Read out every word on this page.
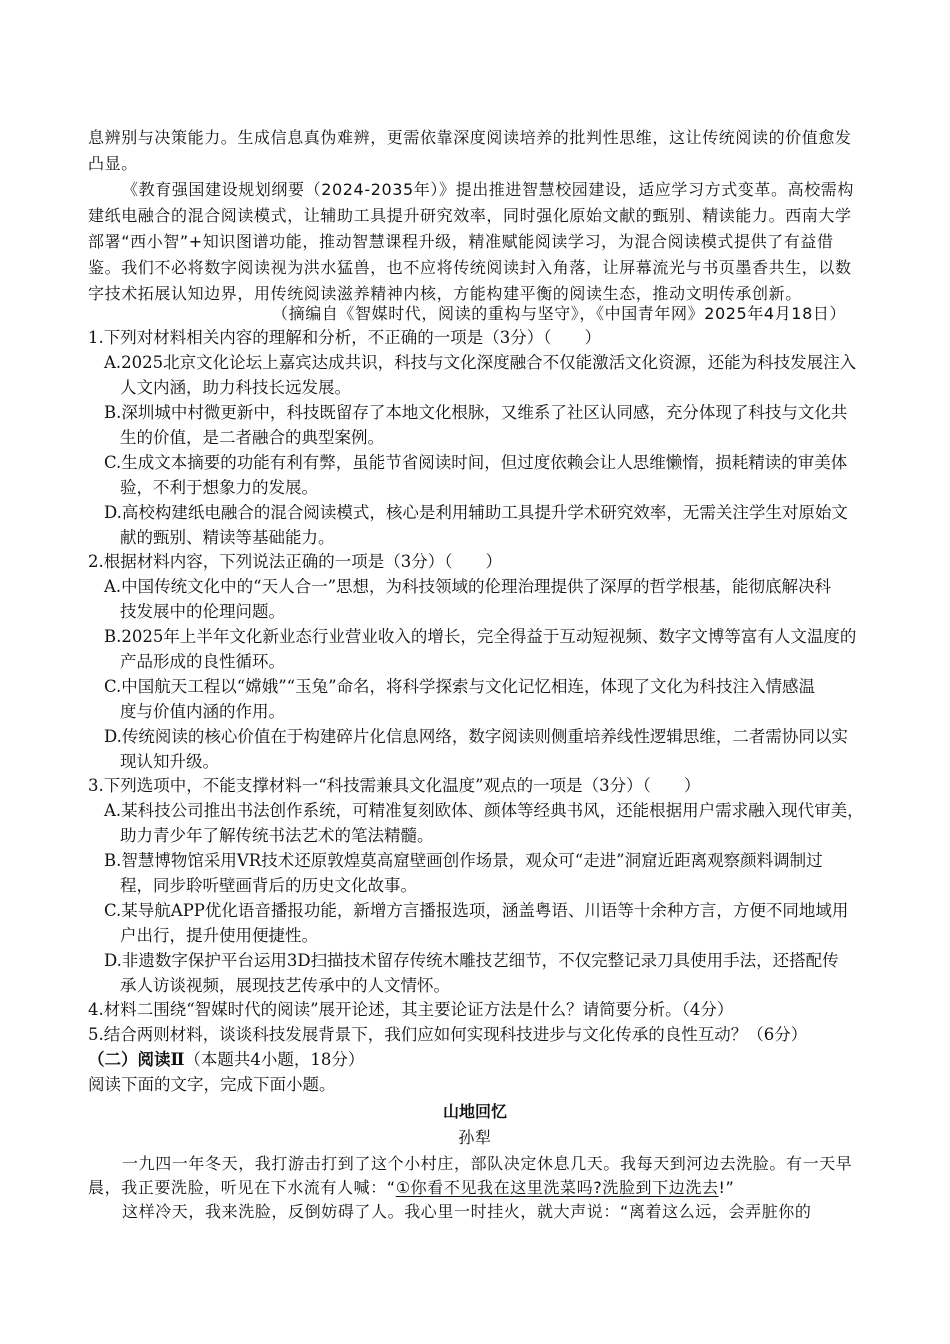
息辨别与决策能力。生成信息真伪难辨，更需依靠深度阅读培养的批判性思维，这让传统阅读的价值愈发
凸显。
《教育强国建设规划纲要（2024-2035年）》提出推进智慧校园建设，适应学习方式变革。高校需构
建纸电融合的混合阅读模式，让辅助工具提升研究效率，同时强化原始文献的甄别、精读能力。西南大学
部署“西小智”+知识图谱功能，推动智慧课程升级，精准赋能阅读学习，为混合阅读模式提供了有益借
鉴。我们不必将数字阅读视为洪水猛兽，也不应将传统阅读封入角落，让屏幕流光与书页墨香共生，以数
字技术拓展认知边界，用传统阅读滋养精神内核，方能构建平衡的阅读生态，推动文明传承创新。
（摘编自《智媒时代，阅读的重构与坚守》，《中国青年网》2025年4月18日）
1.下列对材料相关内容的理解和分析，不正确的一项是（3分）（　　）
A.2025北京文化论坛上嘉宾达成共识，科技与文化深度融合不仅能激活文化资源，还能为科技发展注入
人文内涵，助力科技长远发展。
B.深圳城中村微更新中，科技既留存了本地文化根脉，又维系了社区认同感，充分体现了科技与文化共
生的价值，是二者融合的典型案例。
C.生成文本摘要的功能有利有弊，虽能节省阅读时间，但过度依赖会让人思维懒惰，损耗精读的审美体
验，不利于想象力的发展。
D.高校构建纸电融合的混合阅读模式，核心是利用辅助工具提升学术研究效率，无需关注学生对原始文
献的甄别、精读等基础能力。
2.根据材料内容，下列说法正确的一项是（3分）（　　）
A.中国传统文化中的“天人合一”思想，为科技领域的伦理治理提供了深厚的哲学根基，能彻底解决科
技发展中的伦理问题。
B.2025年上半年文化新业态行业营业收入的增长，完全得益于互动短视频、数字文博等富有人文温度的
产品形成的良性循环。
C.中国航天工程以“嫦娥”“玉兔”命名，将科学探索与文化记忆相连，体现了文化为科技注入情感温
度与价值内涵的作用。
D.传统阅读的核心价值在于构建碎片化信息网络，数字阅读则侧重培养线性逻辑思维，二者需协同以实
现认知升级。
3.下列选项中，不能支撑材料一“科技需兼具文化温度”观点的一项是（3分）（　　）
A.某科技公司推出书法创作系统，可精准复刻欧体、颜体等经典书风，还能根据用户需求融入现代审美，
助力青少年了解传统书法艺术的笔法精髓。
B.智慧博物馆采用VR技术还原敦煌莫高窟壁画创作场景，观众可“走进”洞窟近距离观察颜料调制过
程，同步聆听壁画背后的历史文化故事。
C.某导航APP优化语音播报功能，新增方言播报选项，涵盖粤语、川语等十余种方言，方便不同地域用
户出行，提升使用便捷性。
D.非遗数字保护平台运用3D扫描技术留存传统木雕技艺细节，不仅完整记录刀具使用手法，还搭配传
承人访谈视频，展现技艺传承中的人文情怀。
4.材料二围绕“智媒时代的阅读”展开论述，其主要论证方法是什么？请简要分析。（4分）
5.结合两则材料，谈谈科技发展背景下，我们应如何实现科技进步与文化传承的良性互动？（6分）
（二）阅读Ⅱ（本题共4小题，18分）
阅读下面的文字，完成下面小题。
山地回忆
孙犁
一九四一年冬天，我打游击打到了这个小村庄，部队决定休息几天。我每天到河边去洗脸。有一天早
晨，我正要洗脸，听见在下水流有人喊：“①你看不见我在这里洗菜吗?洗脸到下边洗去!”
这样冷天，我来洗脸，反倒妨碍了人。我心里一时挂火，就大声说：“离着这么远，会弄脏你的
